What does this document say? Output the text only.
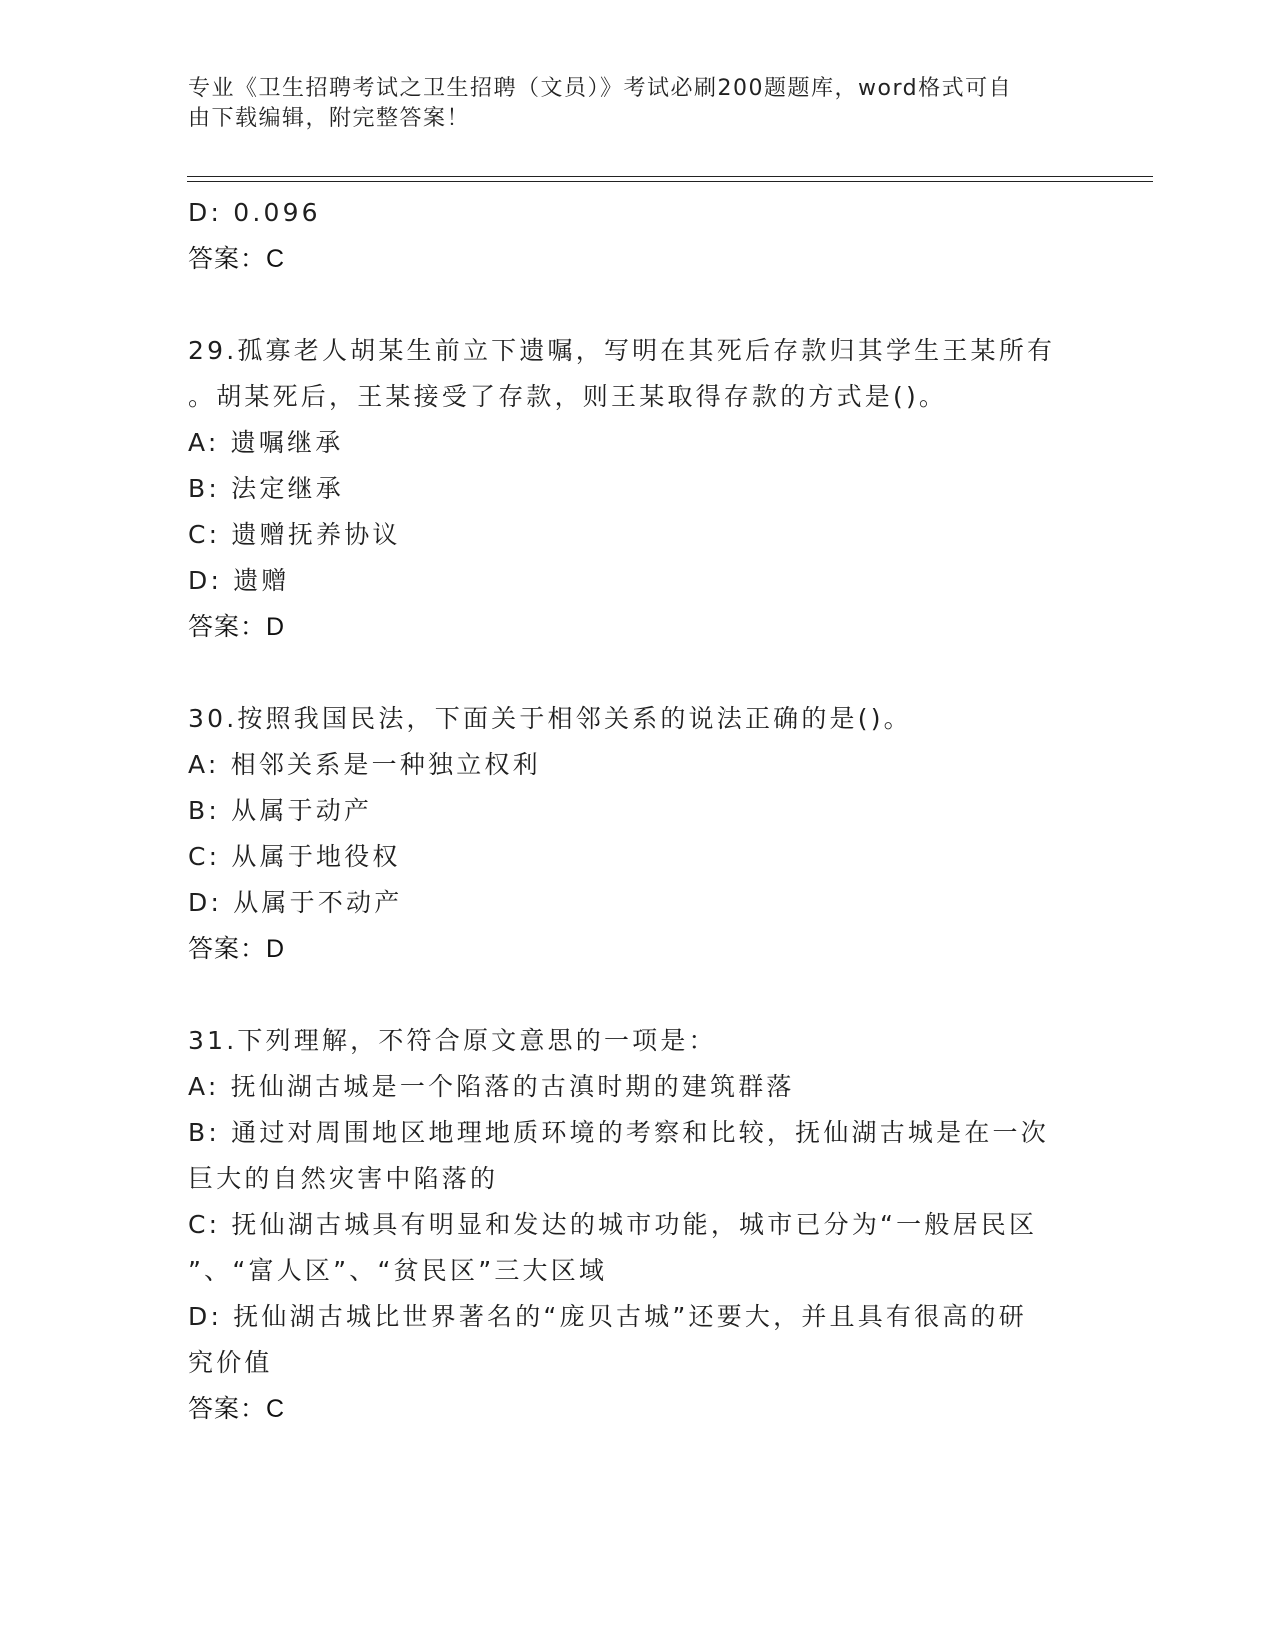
专业《卫生招聘考试之卫生招聘（文员）》考试必刷200题题库，word格式可自
由下载编辑，附完整答案！
D: 0.096
答案：C
29.孤寡老人胡某生前立下遗嘱，写明在其死后存款归其学生王某所有
。胡某死后，王某接受了存款，则王某取得存款的方式是()。
A: 遗嘱继承
B: 法定继承
C: 遗赠抚养协议
D: 遗赠
答案：D
30.按照我国民法，下面关于相邻关系的说法正确的是()。
A: 相邻关系是一种独立权利
B: 从属于动产
C: 从属于地役权
D: 从属于不动产
答案：D
31.下列理解，不符合原文意思的一项是：
A: 抚仙湖古城是一个陷落的古滇时期的建筑群落
B: 通过对周围地区地理地质环境的考察和比较，抚仙湖古城是在一次
巨大的自然灾害中陷落的
C: 抚仙湖古城具有明显和发达的城市功能，城市已分为“一般居民区
”、“富人区”、“贫民区”三大区域
D: 抚仙湖古城比世界著名的“庞贝古城”还要大，并且具有很高的研
究价值
答案：C
